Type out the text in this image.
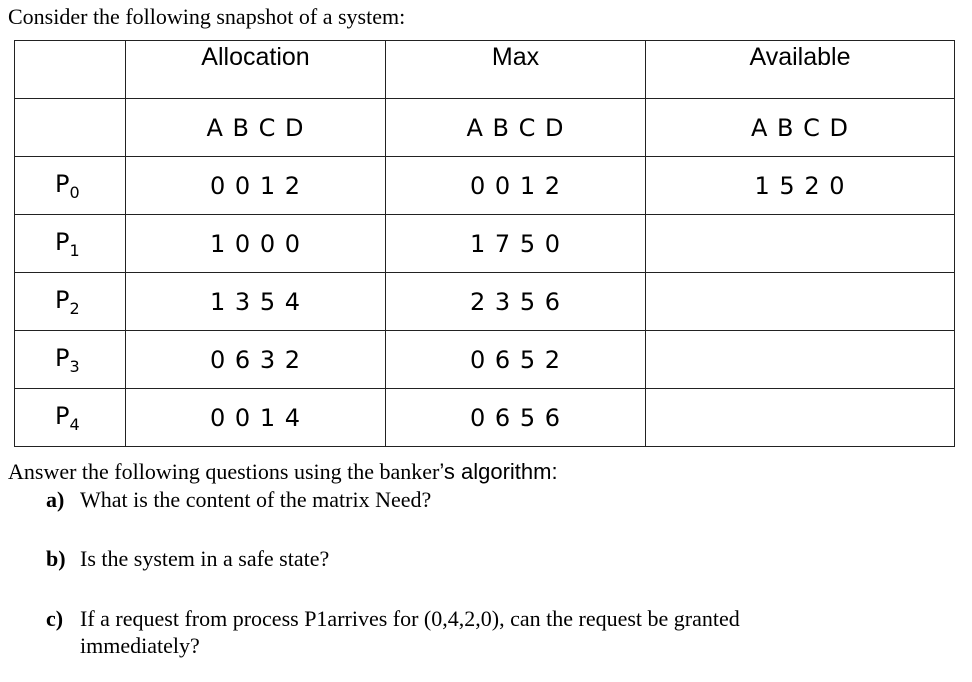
Consider the following snapshot of a system:
	Allocation	Max	Available
	A B C D	A B C D	A B C D
$P_0$	0 0 1 2	0 0 1 2	1 5 2 0
$P_1$	1 0 0 0	1 7 5 0	
$P_2$	1 3 5 4	2 3 5 6	
$P_3$	0 6 3 2	0 6 5 2	
$P_4$	0 0 1 4	0 6 5 6	
Answer the following questions using the banker’s algorithm:
a) What is the content of the matrix Need?
b) Is the system in a safe state?
c) If a request from process P1arrives for (0,4,2,0), can the request be granted
immediately?
